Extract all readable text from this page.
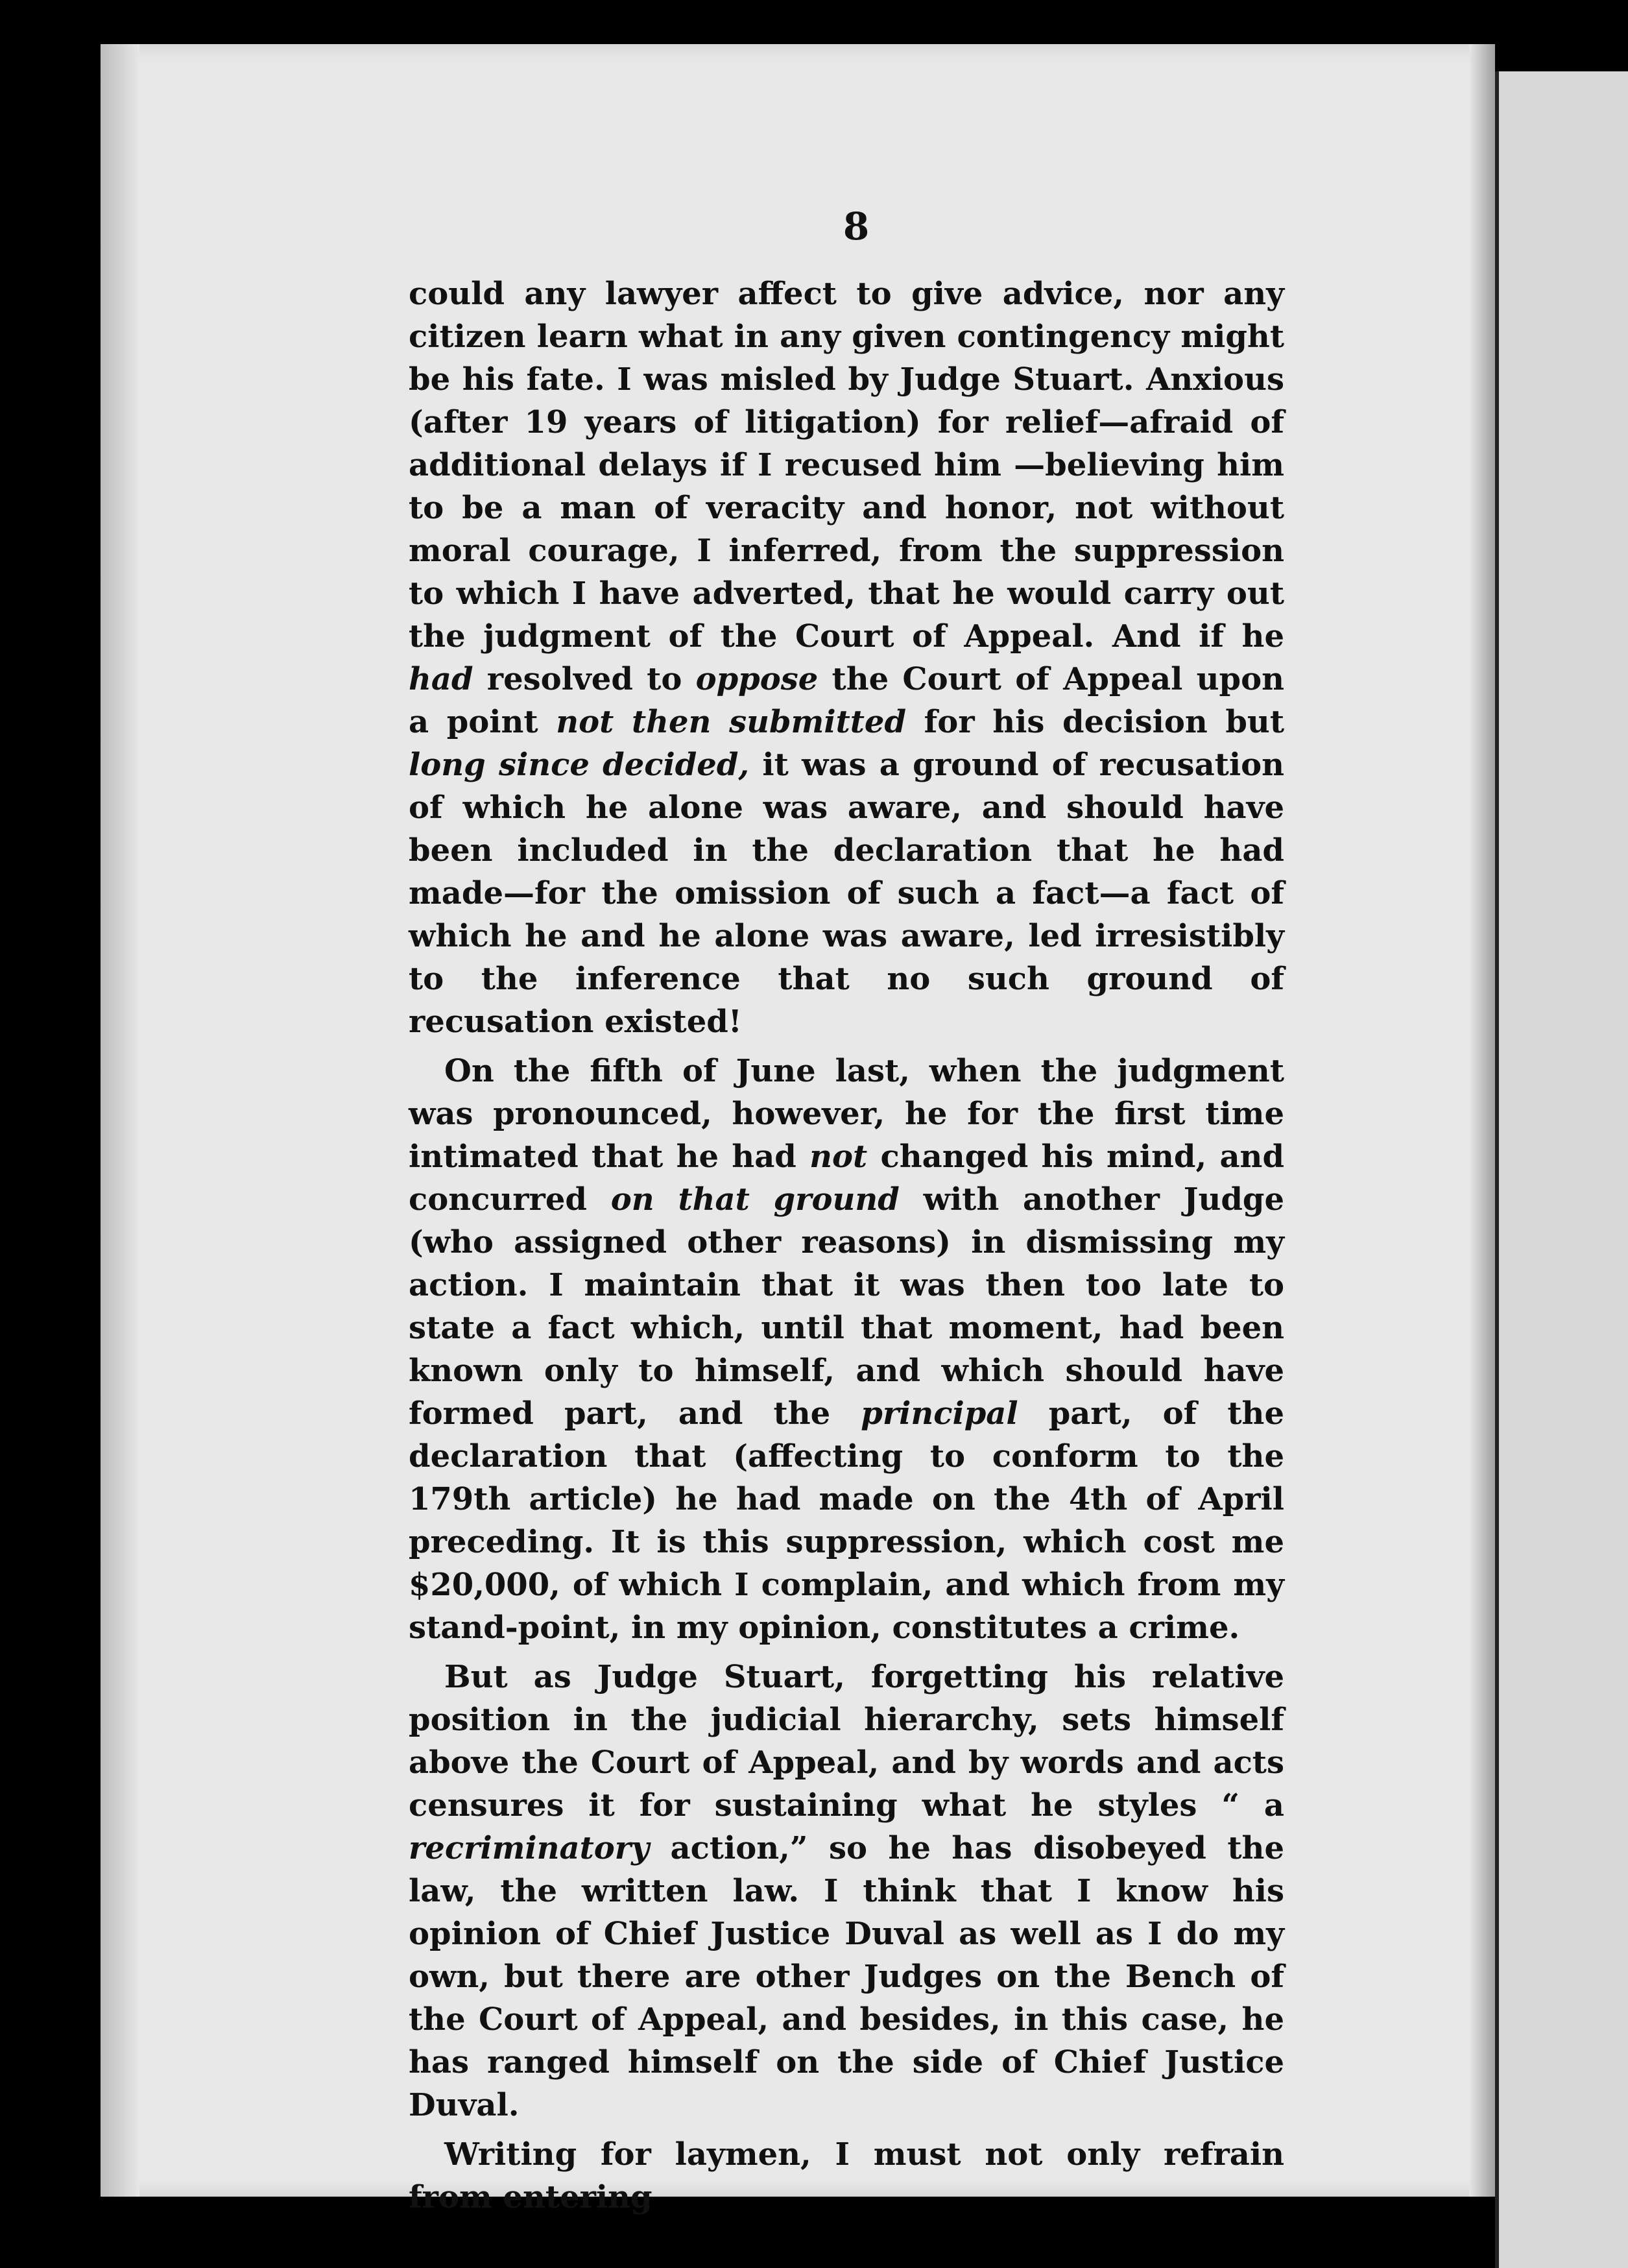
8

could any lawyer affect to give advice, nor any citizen learn what in any given contingency might be his fate. I was misled by Judge Stuart. Anxious (after 19 years of litigation) for relief—afraid of additional delays if I recused him —believing him to be a man of veracity and honor, not without moral courage, I inferred, from the suppression to which I have adverted, that he would carry out the judgment of the Court of Appeal. And if he had resolved to oppose the Court of Appeal upon a point not then submitted for his decision but long since decided, it was a ground of recusation of which he alone was aware, and should have been included in the declaration that he had made—for the omission of such a fact—a fact of which he and he alone was aware, led irresistibly to the inference that no such ground of recusation existed!

On the fifth of June last, when the judgment was pronounced, however, he for the first time intimated that he had not changed his mind, and concurred on that ground with another Judge (who assigned other reasons) in dismissing my action. I maintain that it was then too late to state a fact which, until that moment, had been known only to himself, and which should have formed part, and the principal part, of the declaration that (affecting to conform to the 179th article) he had made on the 4th of April preceding. It is this suppression, which cost me $20,000, of which I complain, and which from my stand-point, in my opinion, constitutes a crime.

But as Judge Stuart, forgetting his relative position in the judicial hierarchy, sets himself above the Court of Appeal, and by words and acts censures it for sustaining what he styles “ a recriminatory action,” so he has disobeyed the law, the written law. I think that I know his opinion of Chief Justice Duval as well as I do my own, but there are other Judges on the Bench of the Court of Appeal, and besides, in this case, he has ranged himself on the side of Chief Justice Duval.

Writing for laymen, I must not only refrain from entering
